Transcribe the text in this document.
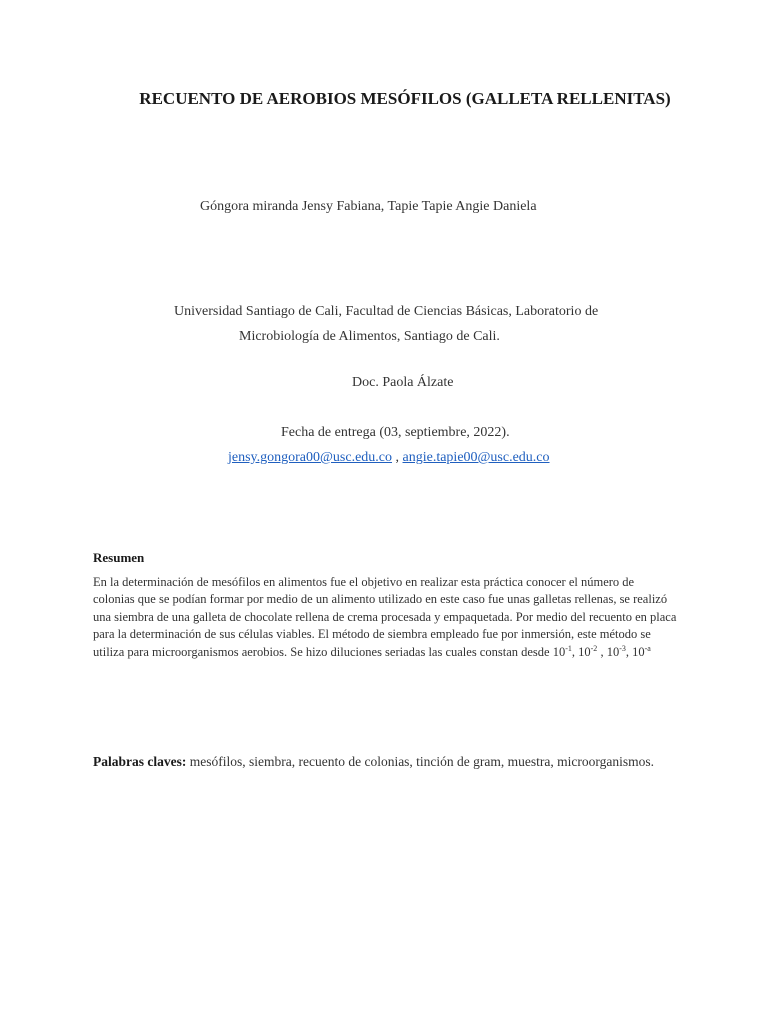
RECUENTO DE AEROBIOS MESÓFILOS (GALLETA RELLENITAS)
Góngora miranda Jensy Fabiana, Tapie Tapie Angie Daniela
Universidad Santiago de Cali, Facultad de Ciencias Básicas, Laboratorio de
Microbiología de Alimentos, Santiago de Cali.
Doc. Paola Álzate
Fecha de entrega (03, septiembre, 2022).
jensy.gongora00@usc.edu.co , angie.tapie00@usc.edu.co
Resumen
En la determinación de mesófilos en alimentos fue el objetivo en realizar esta práctica conocer el número de colonias que se podían formar por medio de un alimento utilizado en este caso fue unas galletas rellenas, se realizó una siembra de una galleta de chocolate rellena de crema procesada y empaquetada. Por medio del recuento en placa para la determinación de sus células viables. El método de siembra empleado fue por inmersión, este método se utiliza para microorganismos aerobios. Se hizo diluciones seriadas las cuales constan desde $10^{-1}$, $10^{-2}$ , $10^{-3}$, $10^{-a}$
Palabras claves: mesófilos, siembra, recuento de colonias, tinción de gram, muestra, microorganismos.
